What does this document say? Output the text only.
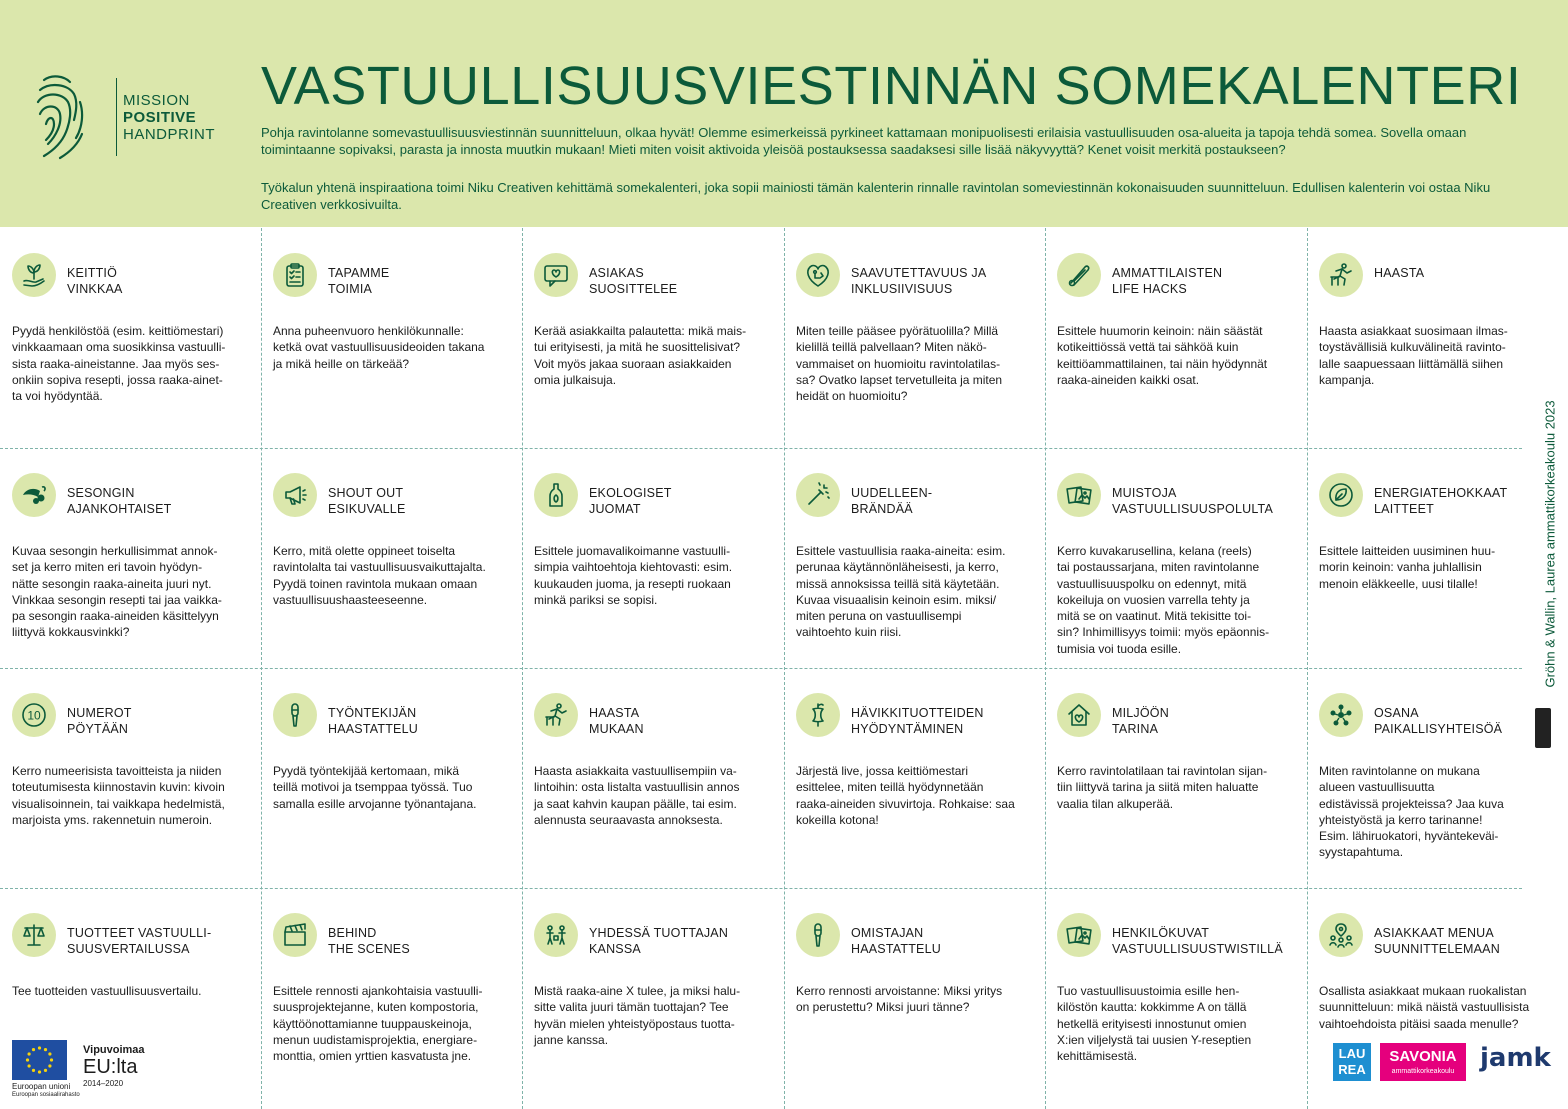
MISSION
POSITIVE
HANDPRINT
VASTUULLISUUSVIESTINNÄN SOMEKALENTERI

Pohja ravintolanne somevastuullisuusviestinnän suunnitteluun, olkaa hyvät! Olemme esimerkeissä pyrkineet kattamaan monipuolisesti erilaisia vastuullisuuden osa-alueita ja tapoja tehdä somea. Sovella omaan toimintaanne sopivaksi, parasta ja innosta muutkin mukaan! Mieti miten voisit aktivoida yleisöä postauksessa saadaksesi sille lisää näkyvyyttä? Kenet voisit merkitä postaukseen?

Työkalun yhtenä inspiraationa toimi Niku Creativen kehittämä somekalenteri, joka sopii mainiosti tämän kalenterin rinnalle ravintolan someviestinnän kokonaisuuden suunnitteluun. Edullisen kalenterin voi ostaa Niku Creativen verkkosivuilta.

KEITTIÖ
VINKKAA
Pyydä henkilöstöä (esim. keittiömestari)
vinkkaamaan oma suosikkinsa vastuulli-
sista raaka-aineistanne. Jaa myös ses-
onkiin sopiva resepti, jossa raaka-ainet-
ta voi hyödyntää.
TAPAMME
TOIMIA
Anna puheenvuoro henkilökunnalle:
ketkä ovat vastuullisuusideoiden takana
ja mikä heille on tärkeää?
ASIAKAS
SUOSITTELEE
Kerää asiakkailta palautetta: mikä mais-
tui erityisesti, ja mitä he suosittelisivat?
Voit myös jakaa suoraan asiakkaiden
omia julkaisuja.
SAAVUTETTAVUUS JA
INKLUSIIVISUUS
Miten teille pääsee pyörätuolilla? Millä
kielillä teillä palvellaan? Miten näkö-
vammaiset on huomioitu ravintolatilas-
sa? Ovatko lapset tervetulleita ja miten
heidät on huomioitu?
AMMATTILAISTEN
LIFE HACKS
Esittele huumorin keinoin: näin säästät
kotikeittiössä vettä tai sähköä kuin
keittiöammattilainen, tai näin hyödynnät
raaka-aineiden kaikki osat.
HAASTA
Haasta asiakkaat suosimaan ilmas-
toystävällisiä kulkuvälineitä ravinto-
lalle saapuessaan liittämällä siihen
kampanja.
SESONGIN
AJANKOHTAISET
Kuvaa sesongin herkullisimmat annok-
set ja kerro miten eri tavoin hyödyn-
nätte sesongin raaka-aineita juuri nyt.
Vinkkaa sesongin resepti tai jaa vaikka-
pa sesongin raaka-aineiden käsittelyyn
liittyvä kokkausvinkki?
SHOUT OUT
ESIKUVALLE
Kerro, mitä olette oppineet toiselta
ravintolalta tai vastuullisuusvaikuttajalta.
Pyydä toinen ravintola mukaan omaan
vastuullisuushaasteeseenne.
EKOLOGISET
JUOMAT
Esittele juomavalikoimanne vastuulli-
simpia vaihtoehtoja kiehtovasti: esim.
kuukauden juoma, ja resepti ruokaan
minkä pariksi se sopisi.
UUDELLEEN-
BRÄNDÄÄ
Esittele vastuullisia raaka-aineita: esim.
perunaa käytännönläheisesti, ja kerro,
missä annoksissa teillä sitä käytetään.
Kuvaa visuaalisin keinoin esim. miksi/
miten peruna on vastuullisempi
vaihtoehto kuin riisi.
MUISTOJA
VASTUULLISUUSPOLULTA
Kerro kuvakarusellina, kelana (reels)
tai postaussarjana, miten ravintolanne
vastuullisuuspolku on edennyt, mitä
kokeiluja on vuosien varrella tehty ja
mitä se on vaatinut. Mitä tekisitte toi-
sin? Inhimillisyys toimii: myös epäonnis-
tumisia voi tuoda esille.
ENERGIATEHOKKAAT
LAITTEET
Esittele laitteiden uusiminen huu-
morin keinoin: vanha juhlallisin
menoin eläkkeelle, uusi tilalle!
10 NUMEROT
PÖYTÄÄN
Kerro numeerisista tavoitteista ja niiden
toteutumisesta kiinnostavin kuvin: kivoin
visualisoinnein, tai vaikkapa hedelmistä,
marjoista yms. rakennetuin numeroin.
TYÖNTEKIJÄN
HAASTATTELU
Pyydä työntekijää kertomaan, mikä
teillä motivoi ja tsemppaa työssä. Tuo
samalla esille arvojanne työnantajana.
HAASTA
MUKAAN
Haasta asiakkaita vastuullisempiin va-
lintoihin: osta listalta vastuullisin annos
ja saat kahvin kaupan päälle, tai esim.
alennusta seuraavasta annoksesta.
HÄVIKKITUOTTEIDEN
HYÖDYNTÄMINEN
Järjestä live, jossa keittiömestari
esittelee, miten teillä hyödynnetään
raaka-aineiden sivuvirtoja. Rohkaise: saa
kokeilla kotona!
MILJÖÖN
TARINA
Kerro ravintolatilaan tai ravintolan sijan-
tiin liittyvä tarina ja siitä miten haluatte
vaalia tilan alkuperää.
OSANA
PAIKALLISYHTEISÖÄ
Miten ravintolanne on mukana
alueen vastuullisuutta
edistävissä projekteissa? Jaa kuva
yhteistyöstä ja kerro tarinanne!
Esim. lähiruokatori, hyväntekeväi-
syystapahtuma.
TUOTTEET VASTUULLI-
SUUSVERTAILUSSA
Tee tuotteiden vastuullisuusvertailu.
BEHIND
THE SCENES
Esittele rennosti ajankohtaisia vastuulli-
suusprojektejanne, kuten kompostoria,
käyttöönottamianne tuuppauskeinoja,
menun uudistamisprojektia, energiare-
monttia, omien yrttien kasvatusta jne.
YHDESSÄ TUOTTAJAN
KANSSA
Mistä raaka-aine X tulee, ja miksi halu-
sitte valita juuri tämän tuottajan? Tee
hyvän mielen yhteistyöpostaus tuotta-
janne kanssa.
OMISTAJAN
HAASTATTELU
Kerro rennosti arvoistanne: Miksi yritys
on perustettu? Miksi juuri tänne?
HENKILÖKUVAT
VASTUULLISUUSTWISTILLÄ
Tuo vastuullisuustoimia esille hen-
kilöstön kautta: kokkimme A on tällä
hetkellä erityisesti innostunut omien
X:ien viljelystä tai uusien Y-reseptien
kehittämisestä.
ASIAKKAAT MENUA
SUUNNITTELEMAAN
Osallista asiakkaat mukaan ruokalistan
suunnitteluun: mikä näistä vastuullisista
vaihtoehdoista pitäisi saada menulle?
Gröhn & Wallin, Laurea ammattikorkeakoulu 2023
Euroopan unioni
Euroopan sosiaalirahasto
Vipuvoimaa
EU:lta
2014–2020
LAU
REA
SAVONIA
ammattikorkeakoulu jamk
